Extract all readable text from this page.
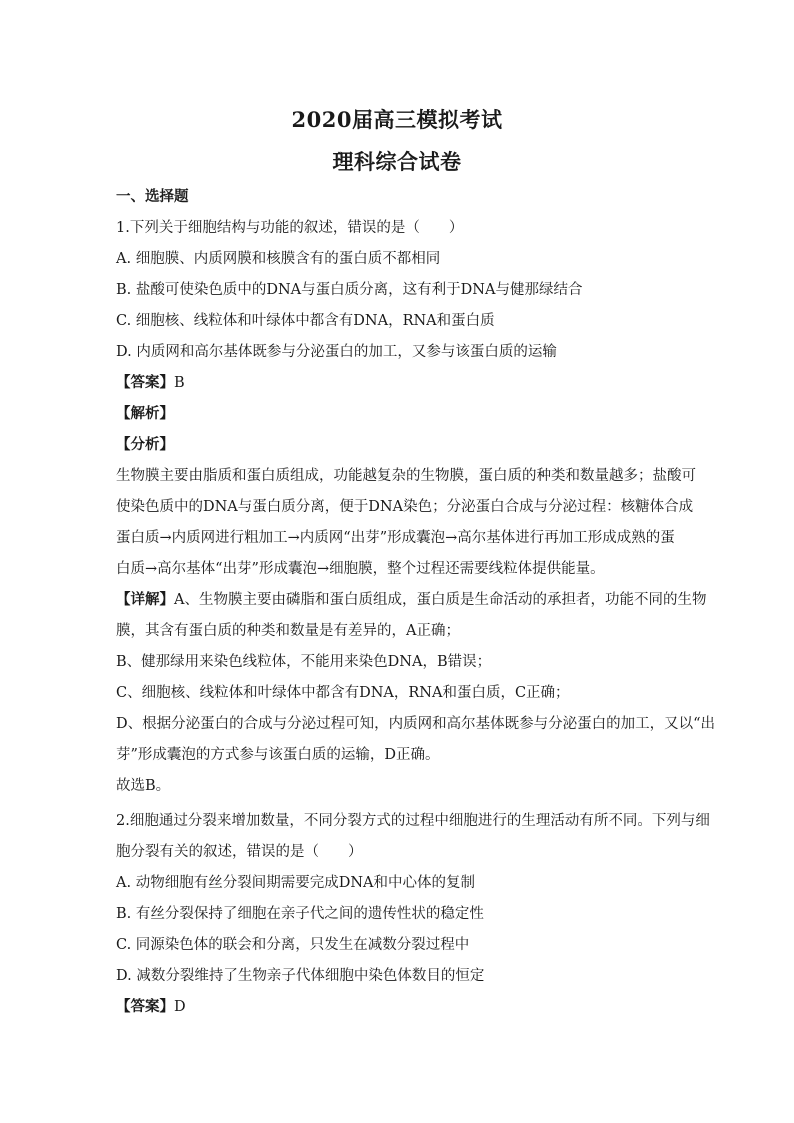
2020届高三模拟考试
理科综合试卷
一、选择题
1.下列关于细胞结构与功能的叙述，错误的是（　　）
A. 细胞膜、内质网膜和核膜含有的蛋白质不都相同
B. 盐酸可使染色质中的DNA与蛋白质分离，这有利于DNA与健那绿结合
C. 细胞核、线粒体和叶绿体中都含有DNA，RNA和蛋白质
D. 内质网和高尔基体既参与分泌蛋白的加工，又参与该蛋白质的运输
【答案】B
【解析】
【分析】
生物膜主要由脂质和蛋白质组成，功能越复杂的生物膜，蛋白质的种类和数量越多；盐酸可
使染色质中的DNA与蛋白质分离，便于DNA染色；分泌蛋白合成与分泌过程：核糖体合成
蛋白质→内质网进行粗加工→内质网“出芽”形成囊泡→高尔基体进行再加工形成成熟的蛋
白质→高尔基体“出芽”形成囊泡→细胞膜，整个过程还需要线粒体提供能量。
【详解】A、生物膜主要由磷脂和蛋白质组成，蛋白质是生命活动的承担者，功能不同的生物
膜，其含有蛋白质的种类和数量是有差异的，A正确；
B、健那绿用来染色线粒体，不能用来染色DNA，B错误；
C、细胞核、线粒体和叶绿体中都含有DNA，RNA和蛋白质，C正确；
D、根据分泌蛋白的合成与分泌过程可知，内质网和高尔基体既参与分泌蛋白的加工，又以“出
芽”形成囊泡的方式参与该蛋白质的运输，D正确。
故选B。
2.细胞通过分裂来增加数量，不同分裂方式的过程中细胞进行的生理活动有所不同。下列与细
胞分裂有关的叙述，错误的是（　　）
A. 动物细胞有丝分裂间期需要完成DNA和中心体的复制
B. 有丝分裂保持了细胞在亲子代之间的遗传性状的稳定性
C. 同源染色体的联会和分离，只发生在减数分裂过程中
D. 减数分裂维持了生物亲子代体细胞中染色体数目的恒定
【答案】D
